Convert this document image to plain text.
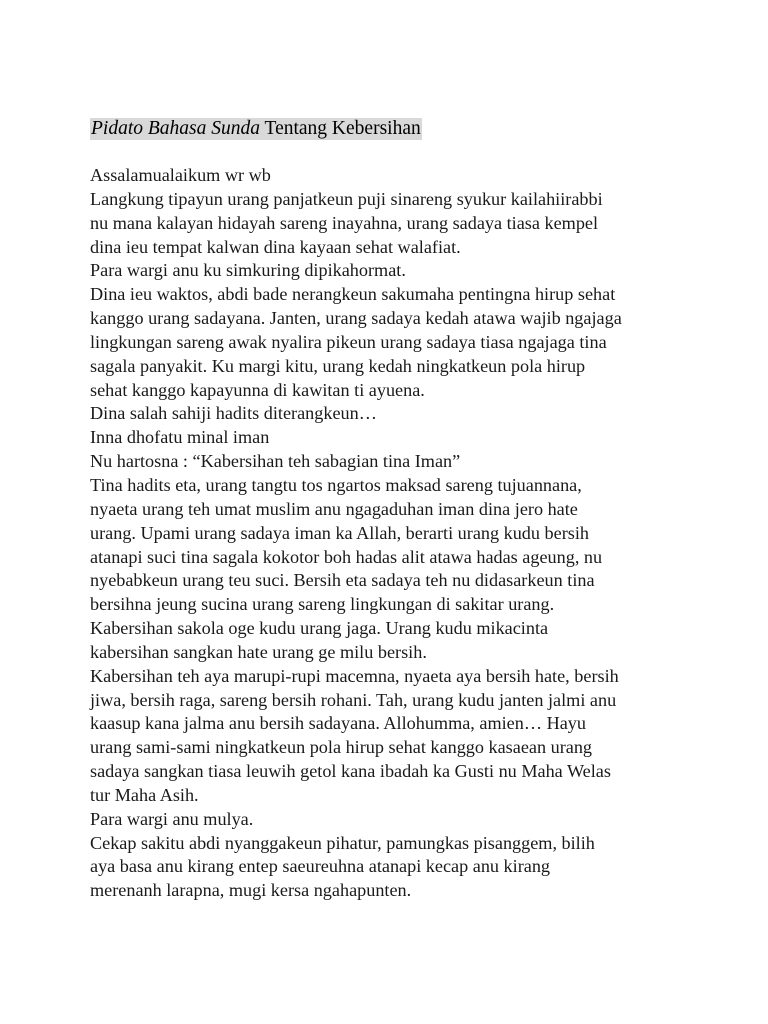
Pidato Bahasa Sunda Tentang Kebersihan
Assalamualaikum wr wb
Langkung tipayun urang panjatkeun puji sinareng syukur kailahiirabbi
nu mana kalayan hidayah sareng inayahna, urang sadaya tiasa kempel
dina ieu tempat kalwan dina kayaan sehat walafiat.
Para wargi anu ku simkuring dipikahormat.
Dina ieu waktos, abdi bade nerangkeun sakumaha pentingna hirup sehat
kanggo urang sadayana. Janten, urang sadaya kedah atawa wajib ngajaga
lingkungan sareng awak nyalira pikeun urang sadaya tiasa ngajaga tina
sagala panyakit. Ku margi kitu, urang kedah ningkatkeun pola hirup
sehat kanggo kapayunna di kawitan ti ayuena.
Dina salah sahiji hadits diterangkeun…
Inna dhofatu minal iman
Nu hartosna : “Kabersihan teh sabagian tina Iman”
Tina hadits eta, urang tangtu tos ngartos maksad sareng tujuannana,
nyaeta urang teh umat muslim anu ngagaduhan iman dina jero hate
urang. Upami urang sadaya iman ka Allah, berarti urang kudu bersih
atanapi suci tina sagala kokotor boh hadas alit atawa hadas ageung, nu
nyebabkeun urang teu suci. Bersih eta sadaya teh nu didasarkeun tina
bersihna jeung sucina urang sareng lingkungan di sakitar urang.
Kabersihan sakola oge kudu urang jaga. Urang kudu mikacinta
kabersihan sangkan hate urang ge milu bersih.
Kabersihan teh aya marupi-rupi macemna, nyaeta aya bersih hate, bersih
jiwa, bersih raga, sareng bersih rohani. Tah, urang kudu janten jalmi anu
kaasup kana jalma anu bersih sadayana. Allohumma, amien… Hayu
urang sami-sami ningkatkeun pola hirup sehat kanggo kasaean urang
sadaya sangkan tiasa leuwih getol kana ibadah ka Gusti nu Maha Welas
tur Maha Asih.
Para wargi anu mulya.
Cekap sakitu abdi nyanggakeun pihatur, pamungkas pisanggem, bilih
aya basa anu kirang entep saeureuhna atanapi kecap anu kirang
merenanh larapna, mugi kersa ngahapunten.
